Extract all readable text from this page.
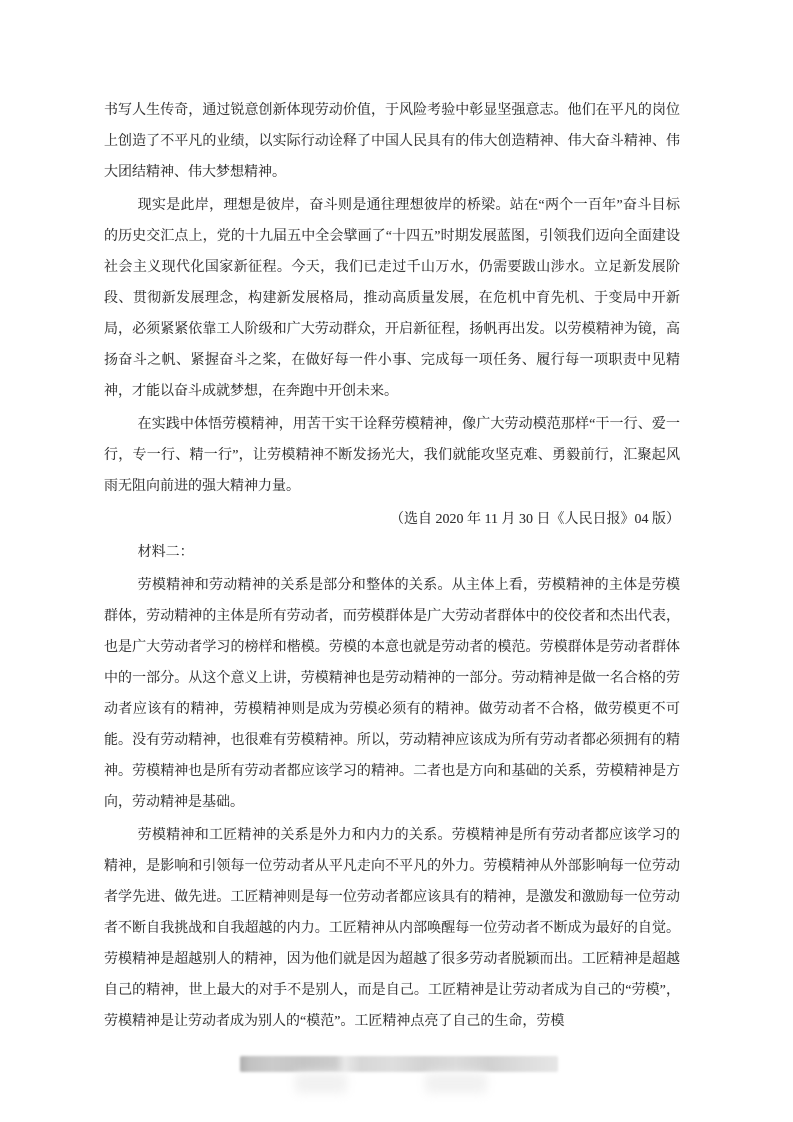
书写人生传奇，通过锐意创新体现劳动价值，于风险考验中彰显坚强意志。他们在平凡的岗位上创造了不平凡的业绩，以实际行动诠释了中国人民具有的伟大创造精神、伟大奋斗精神、伟大团结精神、伟大梦想精神。

现实是此岸，理想是彼岸，奋斗则是通往理想彼岸的桥梁。站在“两个一百年”奋斗目标的历史交汇点上，党的十九届五中全会擘画了“十四五”时期发展蓝图，引领我们迈向全面建设社会主义现代化国家新征程。今天，我们已走过千山万水，仍需要跋山涉水。立足新发展阶段、贯彻新发展理念，构建新发展格局，推动高质量发展，在危机中育先机、于变局中开新局，必须紧紧依靠工人阶级和广大劳动群众，开启新征程，扬帆再出发。以劳模精神为镜，高扬奋斗之帆、紧握奋斗之桨，在做好每一件小事、完成每一项任务、履行每一项职责中见精神，才能以奋斗成就梦想，在奔跑中开创未来。

在实践中体悟劳模精神，用苦干实干诠释劳模精神，像广大劳动模范那样“干一行、爱一行，专一行、精一行”，让劳模精神不断发扬光大，我们就能攻坚克难、勇毅前行，汇聚起风雨无阻向前进的强大精神力量。

（选自 2020 年 11 月 30 日《人民日报》04 版）

材料二：

劳模精神和劳动精神的关系是部分和整体的关系。从主体上看，劳模精神的主体是劳模群体，劳动精神的主体是所有劳动者，而劳模群体是广大劳动者群体中的佼佼者和杰出代表，也是广大劳动者学习的榜样和楷模。劳模的本意也就是劳动者的模范。劳模群体是劳动者群体中的一部分。从这个意义上讲，劳模精神也是劳动精神的一部分。劳动精神是做一名合格的劳动者应该有的精神，劳模精神则是成为劳模必须有的精神。做劳动者不合格，做劳模更不可能。没有劳动精神，也很难有劳模精神。所以，劳动精神应该成为所有劳动者都必须拥有的精神。劳模精神也是所有劳动者都应该学习的精神。二者也是方向和基础的关系，劳模精神是方向，劳动精神是基础。

劳模精神和工匠精神的关系是外力和内力的关系。劳模精神是所有劳动者都应该学习的精神，是影响和引领每一位劳动者从平凡走向不平凡的外力。劳模精神从外部影响每一位劳动者学先进、做先进。工匠精神则是每一位劳动者都应该具有的精神，是激发和激励每一位劳动者不断自我挑战和自我超越的内力。工匠精神从内部唤醒每一位劳动者不断成为最好的自觉。劳模精神是超越别人的精神，因为他们就是因为超越了很多劳动者脱颖而出。工匠精神是超越自己的精神，世上最大的对手不是别人，而是自己。工匠精神是让劳动者成为自己的“劳模”，劳模精神是让劳动者成为别人的“模范”。工匠精神点亮了自己的生命，劳模
